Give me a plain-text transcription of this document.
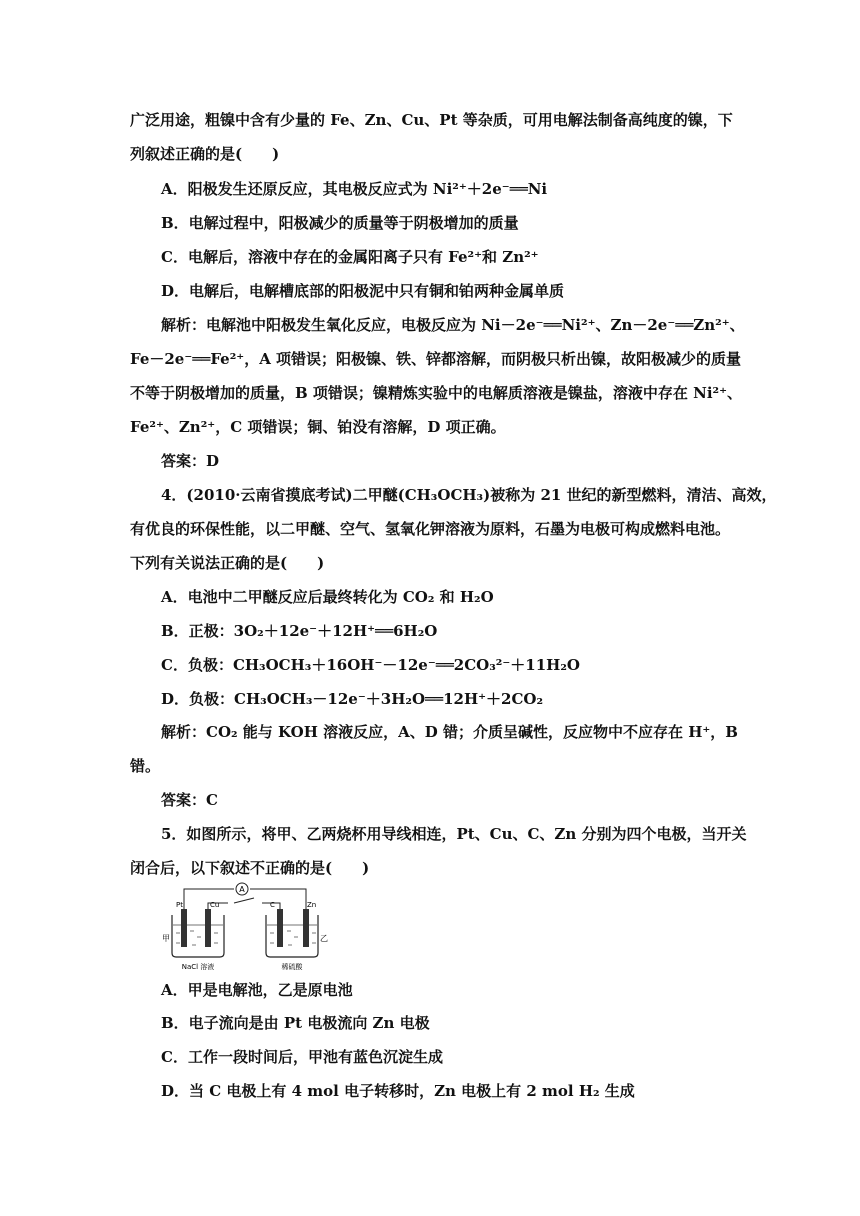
广泛用途，粗镍中含有少量的 Fe、Zn、Cu、Pt 等杂质，可用电解法制备高纯度的镍，下
列叙述正确的是(　　)
A．阳极发生还原反应，其电极反应式为 Ni²⁺＋2e⁻══Ni
B．电解过程中，阳极减少的质量等于阴极增加的质量
C．电解后，溶液中存在的金属阳离子只有 Fe²⁺和 Zn²⁺
D．电解后，电解槽底部的阳极泥中只有铜和铂两种金属单质
解析：电解池中阳极发生氧化反应，电极反应为 Ni－2e⁻══Ni²⁺、Zn－2e⁻══Zn²⁺、
Fe－2e⁻══Fe²⁺，A 项错误；阳极镍、铁、锌都溶解，而阴极只析出镍，故阳极减少的质量
不等于阴极增加的质量，B 项错误；镍精炼实验中的电解质溶液是镍盐，溶液中存在 Ni²⁺、
Fe²⁺、Zn²⁺，C 项错误；铜、铂没有溶解，D 项正确。
答案：D
4．(2010·云南省摸底考试)二甲醚(CH₃OCH₃)被称为 21 世纪的新型燃料，清洁、高效，
有优良的环保性能，以二甲醚、空气、氢氧化钾溶液为原料，石墨为电极可构成燃料电池。
下列有关说法正确的是(　　)
A．电池中二甲醚反应后最终转化为 CO₂ 和 H₂O
B．正极：3O₂＋12e⁻＋12H⁺══6H₂O
C．负极：CH₃OCH₃＋16OH⁻－12e⁻══2CO₃²⁻＋11H₂O
D．负极：CH₃OCH₃－12e⁻＋3H₂O══12H⁺＋2CO₂
解析：CO₂ 能与 KOH 溶液反应，A、D 错；介质呈碱性，反应物中不应存在 H⁺，B
错。
答案：C
5．如图所示，将甲、乙两烧杯用导线相连，Pt、Cu、C、Zn 分别为四个电极，当开关
闭合后，以下叙述不正确的是(　　)
A
Pt	Cu	C	Zn
甲	乙
NaCl 溶液	稀硫酸
A．甲是电解池，乙是原电池
B．电子流向是由 Pt 电极流向 Zn 电极
C．工作一段时间后，甲池有蓝色沉淀生成
D．当 C 电极上有 4 mol 电子转移时，Zn 电极上有 2 mol H₂ 生成
